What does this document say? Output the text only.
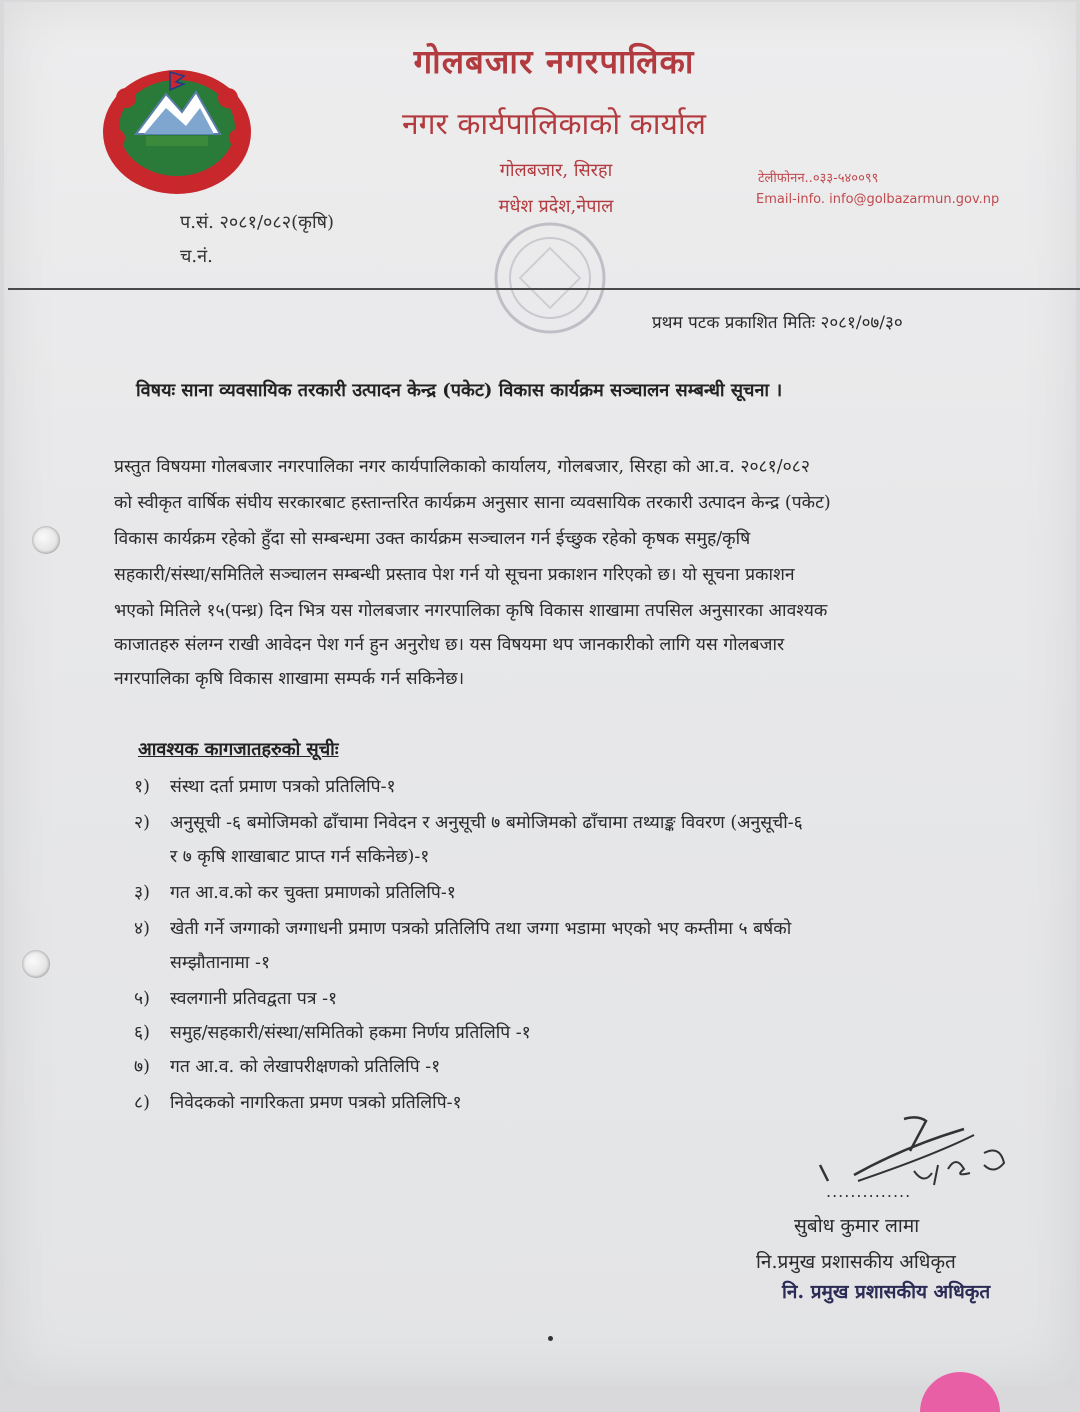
गोलबजार नगरपालिका
नगर कार्यपालिकाको कार्याल
गोलबजार, सिरहा
मधेश प्रदेश,नेपाल
टेलीफोनन..०३३-५४००९९
Email-info. info@golbazarmun.gov.np
प.सं. २०८१/०८२(कृषि)
च.नं.
प्रथम पटक प्रकाशित मितिः २०८१/०७/३०
विषयः साना व्यवसायिक तरकारी उत्पादन केन्द्र (पकेट) विकास कार्यक्रम सञ्चालन सम्बन्धी सूचना ।
प्रस्तुत विषयमा गोलबजार नगरपालिका नगर कार्यपालिकाको कार्यालय, गोलबजार, सिरहा को आ.व. २०८१/०८२
को स्वीकृत वार्षिक संघीय सरकारबाट हस्तान्तरित कार्यक्रम अनुसार साना व्यवसायिक तरकारी उत्पादन केन्द्र (पकेट)
विकास कार्यक्रम रहेको हुँदा सो सम्बन्धमा उक्त कार्यक्रम सञ्चालन गर्न ईच्छुक रहेको कृषक समुह/कृषि
सहकारी/संस्था/समितिले सञ्चालन सम्बन्धी प्रस्ताव पेश गर्न यो सूचना प्रकाशन गरिएको छ। यो सूचना प्रकाशन
भएको मितिले १५(पन्ध्र) दिन भित्र यस गोलबजार नगरपालिका कृषि विकास शाखामा तपसिल अनुसारका आवश्यक
काजातहरु संलग्न राखी आवेदन पेश गर्न हुन अनुरोध छ। यस विषयमा थप जानकारीको लागि यस गोलबजार
नगरपालिका कृषि विकास शाखामा सम्पर्क गर्न सकिनेछ।
आवश्यक कागजातहरुको सूचीः
१) संस्था दर्ता प्रमाण पत्रको प्रतिलिपि-१
२) अनुसूची -६ बमोजिमको ढाँचामा निवेदन र अनुसूची ७ बमोजिमको ढाँचामा तथ्याङ्क विवरण (अनुसूची-६
र ७ कृषि शाखाबाट प्राप्त गर्न सकिनेछ)-१
३) गत आ.व.को कर चुक्ता प्रमाणको प्रतिलिपि-१
४) खेती गर्ने जग्गाको जग्गाधनी प्रमाण पत्रको प्रतिलिपि तथा जग्गा भडामा भएको भए कम्तीमा ५ बर्षको
सम्झौतानामा -१
५) स्वलगानी प्रतिवद्वता पत्र -१
६) समुह/सहकारी/संस्था/समितिको हकमा निर्णय प्रतिलिपि -१
७) गत आ.व. को लेखापरीक्षणको प्रतिलिपि -१
८) निवेदकको नागरिकता प्रमण पत्रको प्रतिलिपि-१
..............
सुबोध कुमार लामा
नि.प्रमुख प्रशासकीय अधिकृत
नि. प्रमुख प्रशासकीय अधिकृत
